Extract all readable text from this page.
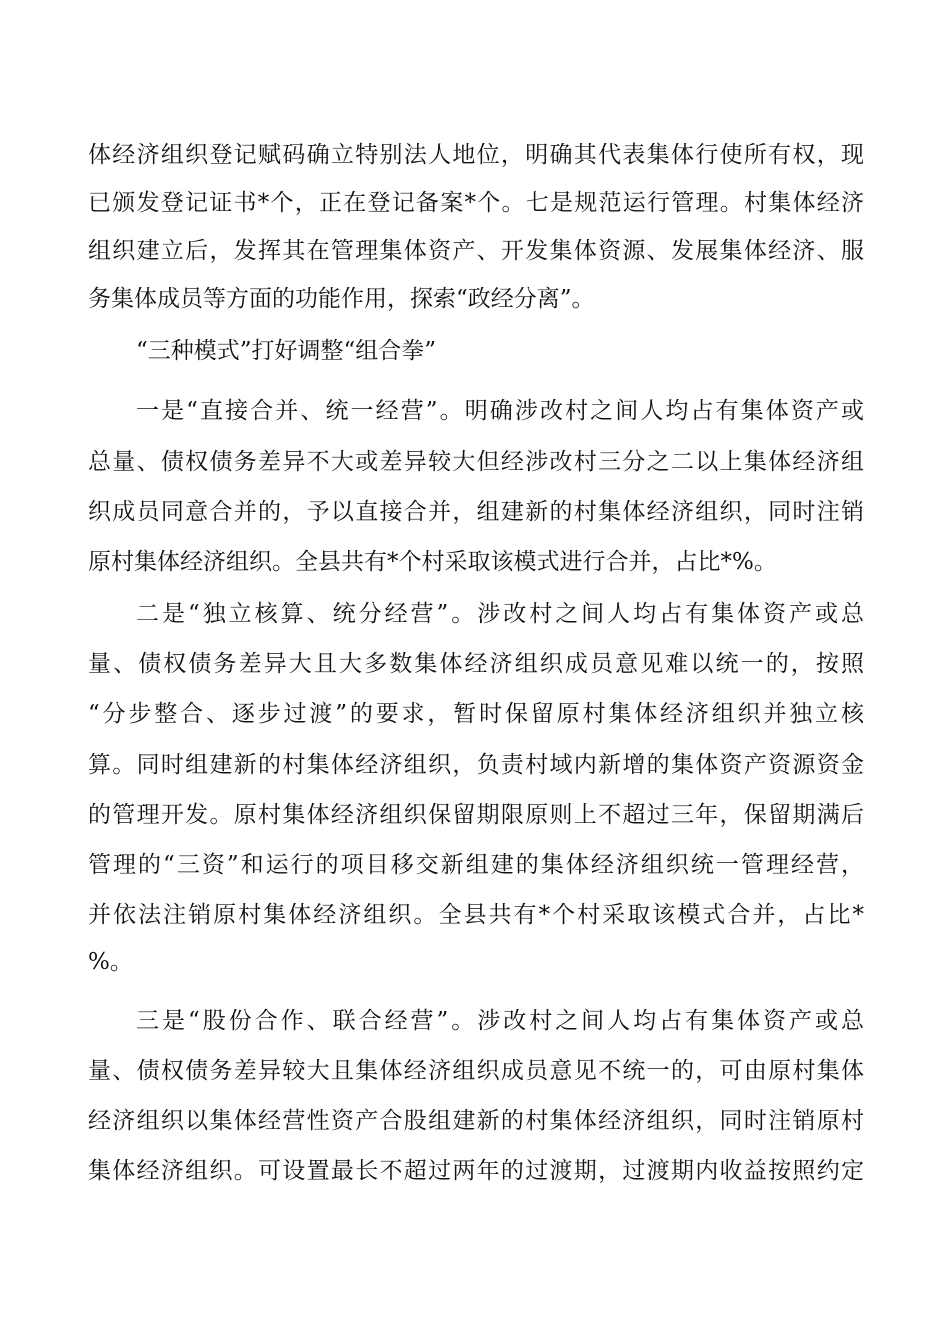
体经济组织登记赋码确立特别法人地位，明确其代表集体行使所有权，现
已颁发登记证书*个，正在登记备案*个。七是规范运行管理。村集体经济
组织建立后，发挥其在管理集体资产、开发集体资源、发展集体经济、服
务集体成员等方面的功能作用，探索“政经分离”。
“三种模式”打好调整“组合拳”
一是“直接合并、统一经营”。明确涉改村之间人均占有集体资产或
总量、债权债务差异不大或差异较大但经涉改村三分之二以上集体经济组
织成员同意合并的，予以直接合并，组建新的村集体经济组织，同时注销
原村集体经济组织。全县共有*个村采取该模式进行合并，占比*%。
二是“独立核算、统分经营”。涉改村之间人均占有集体资产或总
量、债权债务差异大且大多数集体经济组织成员意见难以统一的，按照
“分步整合、逐步过渡”的要求，暂时保留原村集体经济组织并独立核
算。同时组建新的村集体经济组织，负责村域内新增的集体资产资源资金
的管理开发。原村集体经济组织保留期限原则上不超过三年，保留期满后
管理的“三资”和运行的项目移交新组建的集体经济组织统一管理经营，
并依法注销原村集体经济组织。全县共有*个村采取该模式合并，占比*
%。
三是“股份合作、联合经营”。涉改村之间人均占有集体资产或总
量、债权债务差异较大且集体经济组织成员意见不统一的，可由原村集体
经济组织以集体经营性资产合股组建新的村集体经济组织，同时注销原村
集体经济组织。可设置最长不超过两年的过渡期，过渡期内收益按照约定
